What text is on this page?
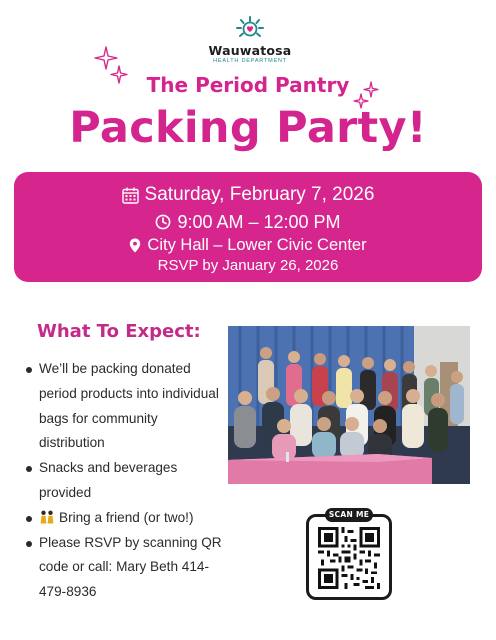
Wauwatosa
HEALTH DEPARTMENT
The Period Pantry
Packing Party!
Saturday, February 7, 2026
9:00 AM – 12:00 PM
City Hall – Lower Civic Center
RSVP by January 26, 2026
What To Expect:
We’ll be packing donated period products into individual bags for community distribution
Snacks and beverages provided
Bring a friend (or two!)
Please RSVP by scanning QR code or call: Mary Beth 414-479-8936
SCAN ME
